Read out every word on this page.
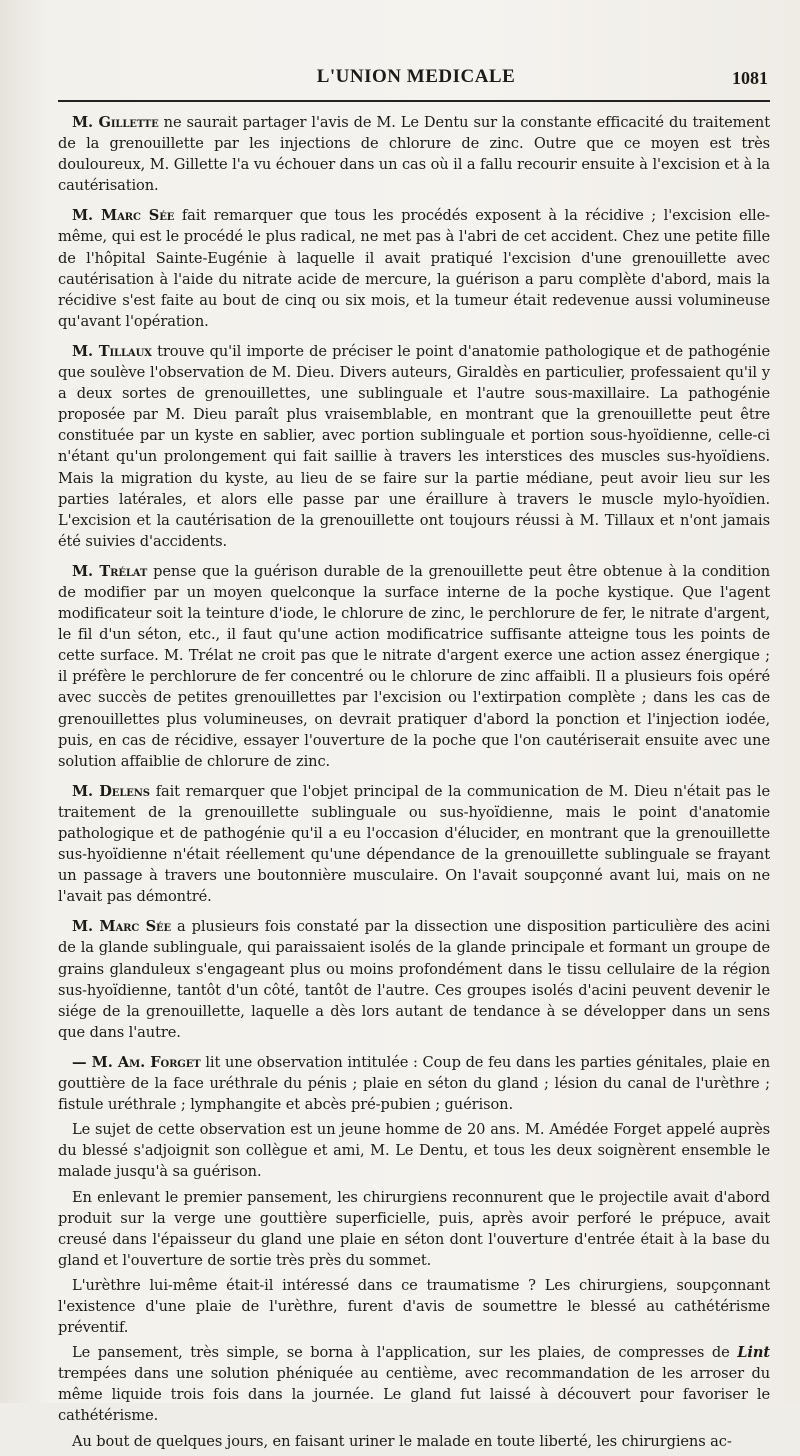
L'UNION MEDICALE	1081

M. Gillette ne saurait partager l'avis de M. Le Dentu sur la constante efficacité du traitement de la grenouillette par les injections de chlorure de zinc. Outre que ce moyen est très douloureux, M. Gillette l'a vu échouer dans un cas où il a fallu recourir ensuite à l'excision et à la cautérisation.

M. Marc Sée fait remarquer que tous les procédés exposent à la récidive ; l'excision elle-même, qui est le procédé le plus radical, ne met pas à l'abri de cet accident. Chez une petite fille de l'hôpital Sainte-Eugénie à laquelle il avait pratiqué l'excision d'une grenouillette avec cautérisation à l'aide du nitrate acide de mercure, la guérison a paru complète d'abord, mais la récidive s'est faite au bout de cinq ou six mois, et la tumeur était redevenue aussi volumineuse qu'avant l'opération.

M. Tillaux trouve qu'il importe de préciser le point d'anatomie pathologique et de pathogénie que soulève l'observation de M. Dieu. Divers auteurs, Giraldès en particulier, professaient qu'il y a deux sortes de grenouillettes, une sublinguale et l'autre sous-maxillaire. La pathogénie proposée par M. Dieu paraît plus vraisemblable, en montrant que la grenouillette peut être constituée par un kyste en sablier, avec portion sublinguale et portion sous-hyoïdienne, celle-ci n'étant qu'un prolongement qui fait saillie à travers les interstices des muscles sus-hyoïdiens. Mais la migration du kyste, au lieu de se faire sur la partie médiane, peut avoir lieu sur les parties latérales, et alors elle passe par une éraillure à travers le muscle mylo-hyoïdien. L'excision et la cautérisation de la grenouillette ont toujours réussi à M. Tillaux et n'ont jamais été suivies d'accidents.

M. Trélat pense que la guérison durable de la grenouillette peut être obtenue à la condition de modifier par un moyen quelconque la surface interne de la poche kystique. Que l'agent modificateur soit la teinture d'iode, le chlorure de zinc, le perchlorure de fer, le nitrate d'argent, le fil d'un séton, etc., il faut qu'une action modificatrice suffisante atteigne tous les points de cette surface. M. Trélat ne croit pas que le nitrate d'argent exerce une action assez énergique ; il préfère le perchlorure de fer concentré ou le chlorure de zinc affaibli. Il a plusieurs fois opéré avec succès de petites grenouillettes par l'excision ou l'extirpation complète ; dans les cas de grenouillettes plus volumineuses, on devrait pratiquer d'abord la ponction et l'injection iodée, puis, en cas de récidive, essayer l'ouverture de la poche que l'on cautériserait ensuite avec une solution affaiblie de chlorure de zinc.

M. Delens fait remarquer que l'objet principal de la communication de M. Dieu n'était pas le traitement de la grenouillette sublinguale ou sus-hyoïdienne, mais le point d'anatomie pathologique et de pathogénie qu'il a eu l'occasion d'élucider, en montrant que la grenouillette sus-hyoïdienne n'était réellement qu'une dépendance de la grenouillette sublinguale se frayant un passage à travers une boutonnière musculaire. On l'avait soupçonné avant lui, mais on ne l'avait pas démontré.

M. Marc Sée a plusieurs fois constaté par la dissection une disposition particulière des acini de la glande sublinguale, qui paraissaient isolés de la glande principale et formant un groupe de grains glanduleux s'engageant plus ou moins profondément dans le tissu cellulaire de la région sus-hyoïdienne, tantôt d'un côté, tantôt de l'autre. Ces groupes isolés d'acini peuvent devenir le siége de la grenouillette, laquelle a dès lors autant de tendance à se développer dans un sens que dans l'autre.

— M. Am. Forget lit une observation intitulée : Coup de feu dans les parties génitales, plaie en gouttière de la face uréthrale du pénis ; plaie en séton du gland ; lésion du canal de l'urèthre ; fistule uréthrale ; lymphangite et abcès pré-pubien ; guérison.

Le sujet de cette observation est un jeune homme de 20 ans. M. Amédée Forget appelé auprès du blessé s'adjoignit son collègue et ami, M. Le Dentu, et tous les deux soignèrent ensemble le malade jusqu'à sa guérison.

En enlevant le premier pansement, les chirurgiens reconnurent que le projectile avait d'abord produit sur la verge une gouttière superficielle, puis, après avoir perforé le prépuce, avait creusé dans l'épaisseur du gland une plaie en séton dont l'ouverture d'entrée était à la base du gland et l'ouverture de sortie très près du sommet.

L'urèthre lui-même était-il intéressé dans ce traumatisme ? Les chirurgiens, soupçonnant l'existence d'une plaie de l'urèthre, furent d'avis de soumettre le blessé au cathétérisme préventif.

Le pansement, très simple, se borna à l'application, sur les plaies, de compresses de Lint trempées dans une solution phéniquée au centième, avec recommandation de les arroser du même liquide trois fois dans la journée. Le gland fut laissé à découvert pour favoriser le cathétérisme.

Au bout de quelques jours, en faisant uriner le malade en toute liberté, les chirurgiens ac-
